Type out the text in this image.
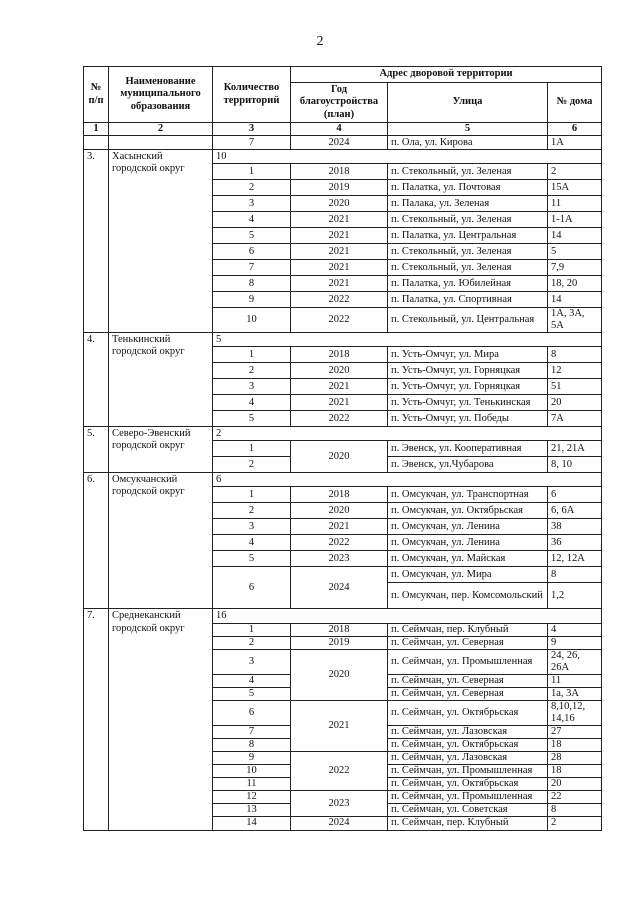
2
№ п/п	Наименование муниципального образования	Количество территорий	Адрес дворовой территории		
			Год благоустройства (план)	Улица	№ дома
1	2	3	4	5	6
		7	2024	п. Ола, ул. Кирова	1А
3.	Хасынский городской округ	10			
		1	2018	п. Стекольный, ул. Зеленая	2
		2	2019	п. Палатка, ул. Почтовая	15А
		3	2020	п. Палака, ул. Зеленая	11
		4	2021	п. Стекольный, ул. Зеленая	1-1А
		5	2021	п. Палатка, ул. Центральная	14
		6	2021	п. Стекольный, ул. Зеленая	5
		7	2021	п. Стекольный, ул. Зеленая	7,9
		8	2021	п. Палатка, ул. Юбилейная	18, 20
		9	2022	п. Палатка, ул. Спортивная	14
		10	2022	п. Стекольный, ул. Центральная	1А, 3А, 5А
4.	Тенькинский городской округ	5			
		1	2018	п. Усть-Омчуг, ул. Мира	8
		2	2020	п. Усть-Омчуг, ул. Горняцкая	12
		3	2021	п. Усть-Омчуг, ул. Горняцкая	51
		4	2021	п. Усть-Омчуг, ул. Тенькинская	20
		5	2022	п. Усть-Омчуг, ул. Победы	7А
5.	Северо-Эвенский городской округ	2			
		1	2020	п. Эвенск, ул. Кооперативная	21, 21А
		2		п. Эвенск, ул.Чубарова	8, 10
6.	Омсукчанский городской округ	6			
		1	2018	п. Омсукчан, ул. Транспортная	6
		2	2020	п. Омсукчан, ул. Октябрьская	6, 6А
		3	2021	п. Омсукчан, ул. Ленина	38
		4	2022	п. Омсукчан, ул. Ленина	36
		5	2023	п. Омсукчан, ул. Майская	12, 12А
		6	2024	п. Омсукчан, ул. Мира	8
				п. Омсукчан, пер. Комсомольский	1,2
7.	Среднеканский городской округ	16			
		1	2018	п. Сеймчан, пер. Клубный	4
		2	2019	п. Сеймчан, ул. Северная	9
		3	2020	п. Сеймчан, ул. Промышленная	24, 26, 26А
		4		п. Сеймчан, ул. Северная	11
		5		п. Сеймчан, ул. Северная	1а, 3А
		6	2021	п. Сеймчан, ул. Октябрьская	8,10,12, 14,16
		7		п. Сеймчан, ул. Лазовская	27
		8		п. Сеймчан, ул. Октябрьская	18
		9	2022	п. Сеймчан, ул. Лазовская	28
		10		п. Сеймчан, ул. Промышленная	18
		11		п. Сеймчан, ул. Октябрьская	20
		12	2023	п. Сеймчан, ул. Промышленная	22
		13		п. Сеймчан, ул. Советская	8
		14	2024	п. Сеймчан, пер. Клубный	2
